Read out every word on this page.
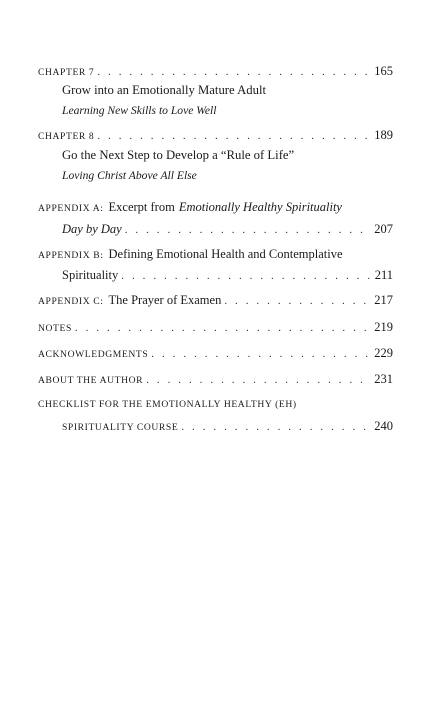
CHAPTER 7 . . .	165
Grow into an Emotionally Mature Adult
Learning New Skills to Love Well
CHAPTER 8 . . .	189
Go the Next Step to Develop a “Rule of Life”
Loving Christ Above All Else
APPENDIX A: Excerpt from Emotionally Healthy Spirituality
Day by Day . . .	207
APPENDIX B: Defining Emotional Health and Contemplative
Spirituality . . .	211
APPENDIX C: The Prayer of Examen . . .	217
NOTES . . .	219
ACKNOWLEDGMENTS . . .	229
ABOUT THE AUTHOR . . .	231
CHECKLIST FOR THE EMOTIONALLY HEALTHY (EH)
SPIRITUALITY COURSE . . .	240
